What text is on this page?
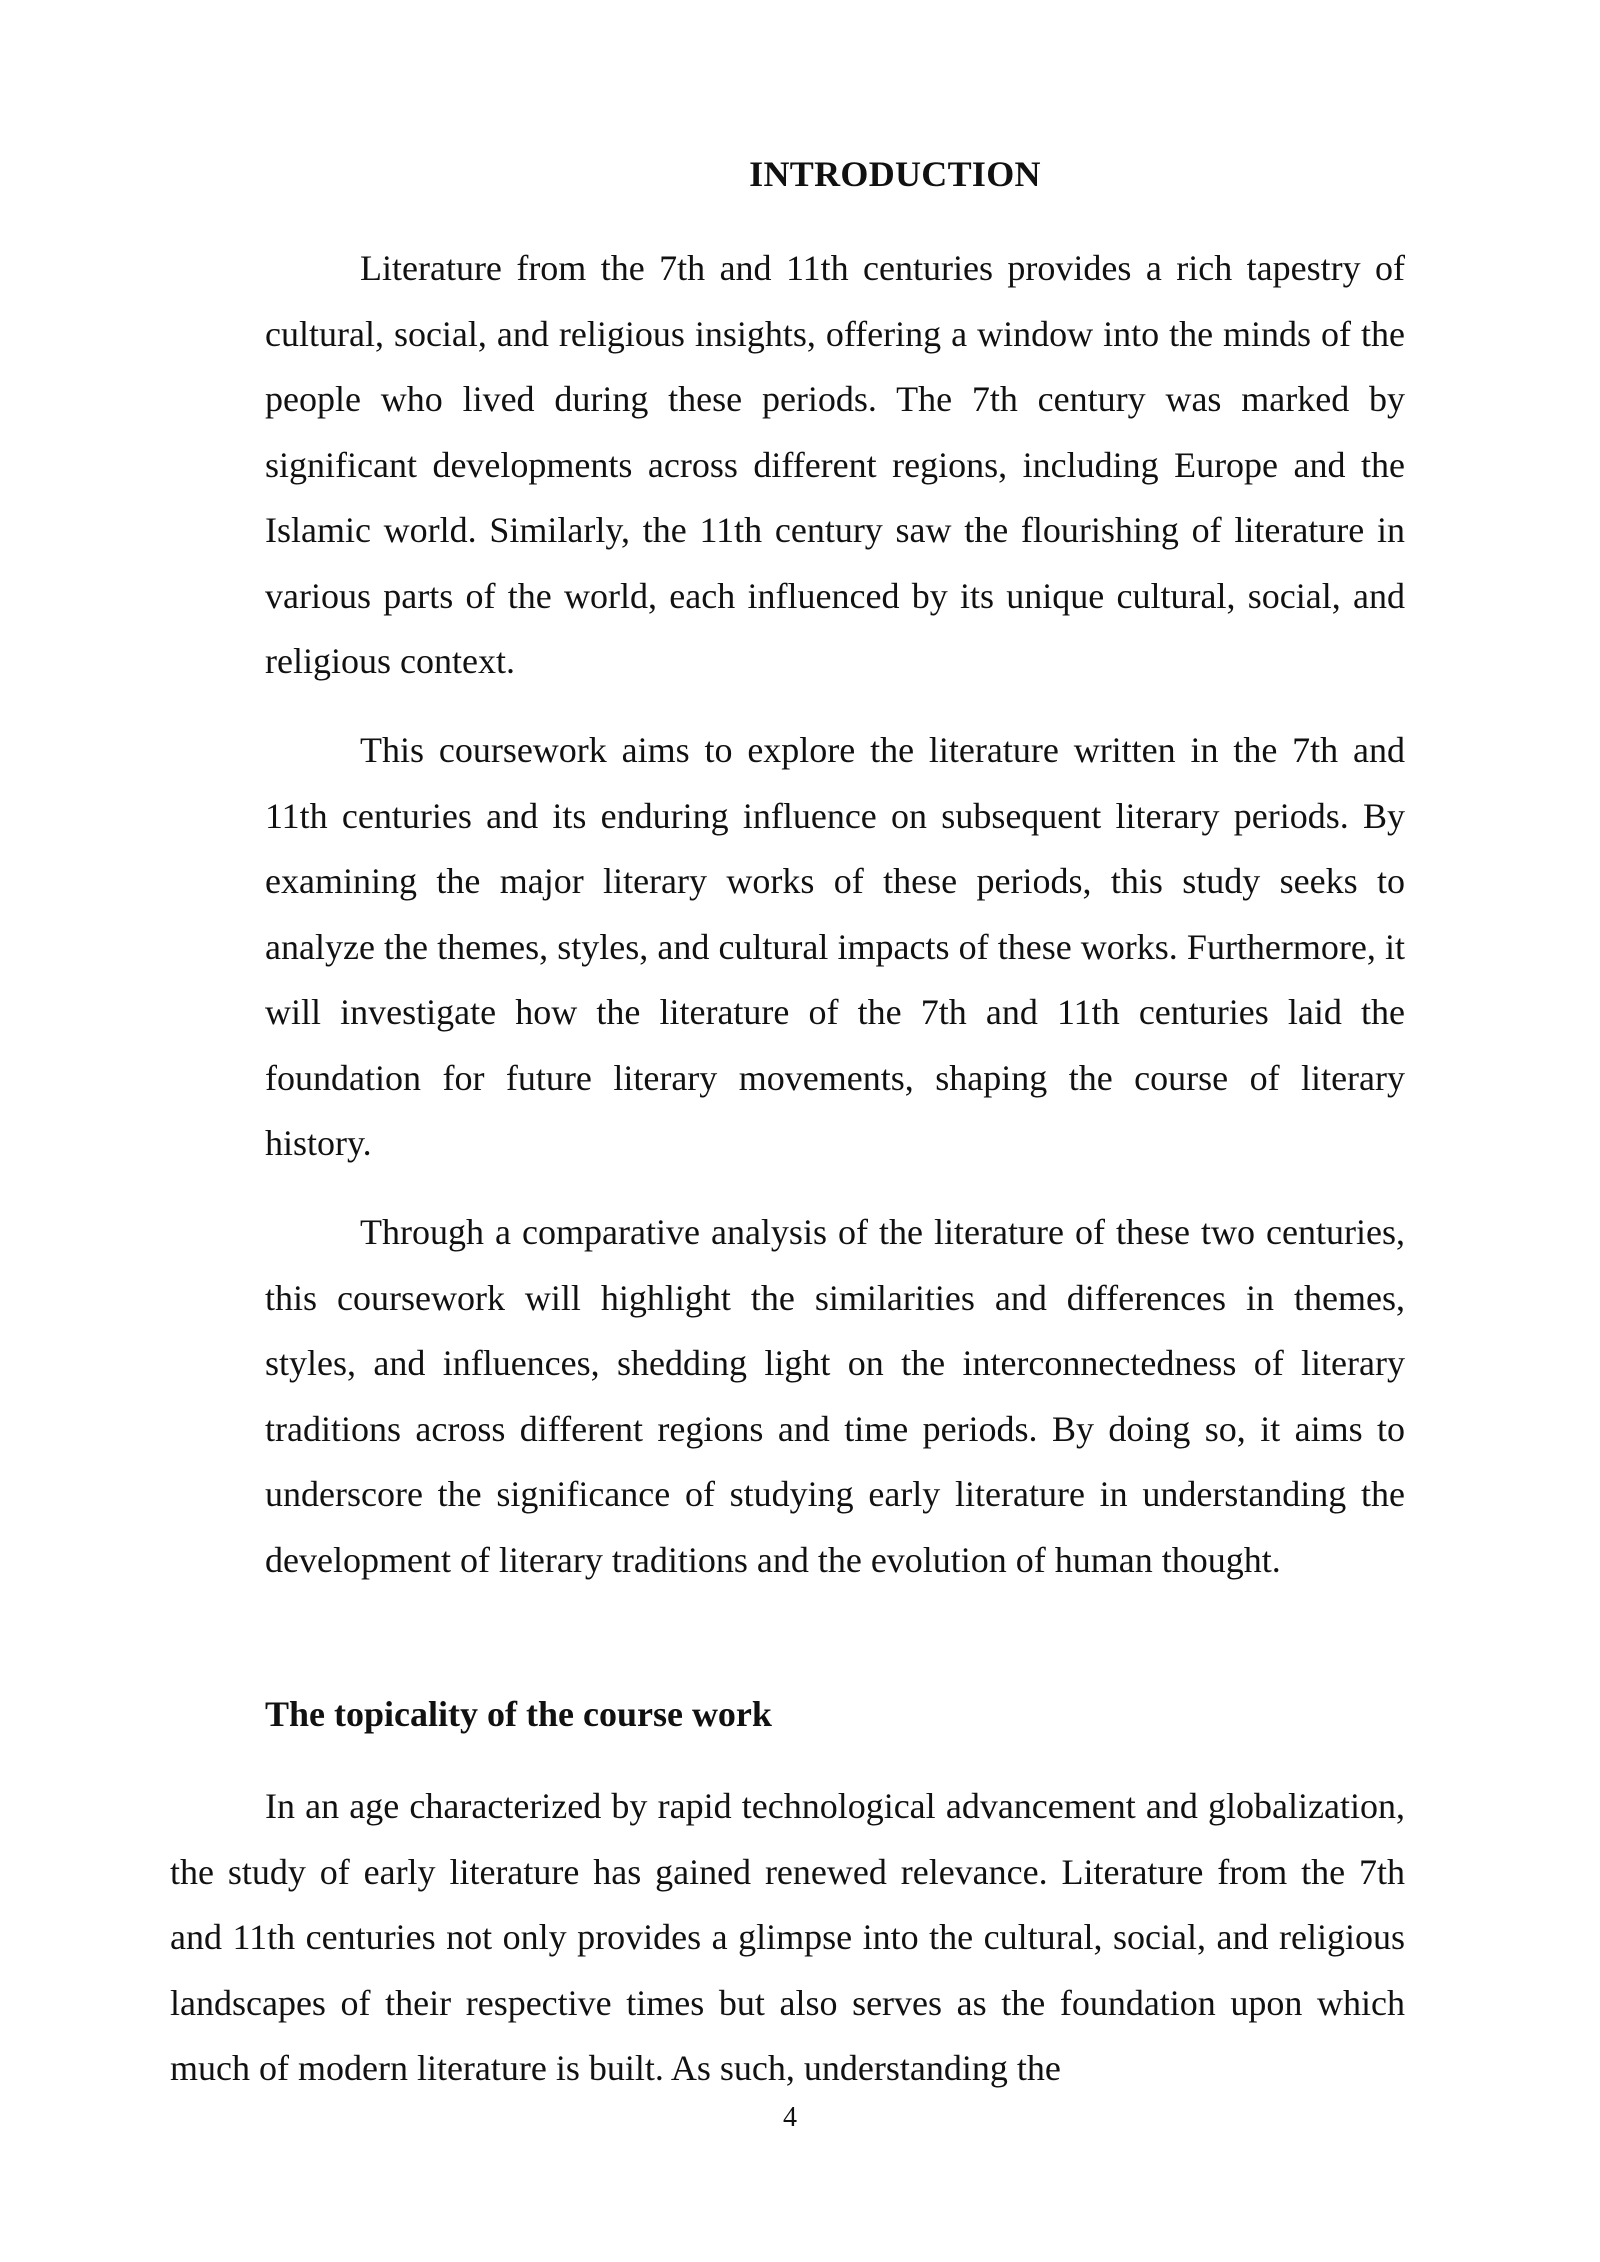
INTRODUCTION

Literature from the 7th and 11th centuries provides a rich tapestry of cultural, social, and religious insights, offering a window into the minds of the people who lived during these periods. The 7th century was marked by significant developments across different regions, including Europe and the Islamic world. Similarly, the 11th century saw the flourishing of literature in various parts of the world, each influenced by its unique cultural, social, and religious context.

This coursework aims to explore the literature written in the 7th and 11th centuries and its enduring influence on subsequent literary periods. By examining the major literary works of these periods, this study seeks to analyze the themes, styles, and cultural impacts of these works. Furthermore, it will investigate how the literature of the 7th and 11th centuries laid the foundation for future literary movements, shaping the course of literary history.

Through a comparative analysis of the literature of these two centuries, this coursework will highlight the similarities and differences in themes, styles, and influences, shedding light on the interconnectedness of literary traditions across different regions and time periods. By doing so, it aims to underscore the significance of studying early literature in understanding the development of literary traditions and the evolution of human thought.

The topicality of the course work

In an age characterized by rapid technological advancement and globalization, the study of early literature has gained renewed relevance. Literature from the 7th and 11th centuries not only provides a glimpse into the cultural, social, and religious landscapes of their respective times but also serves as the foundation upon which much of modern literature is built. As such, understanding the

4
